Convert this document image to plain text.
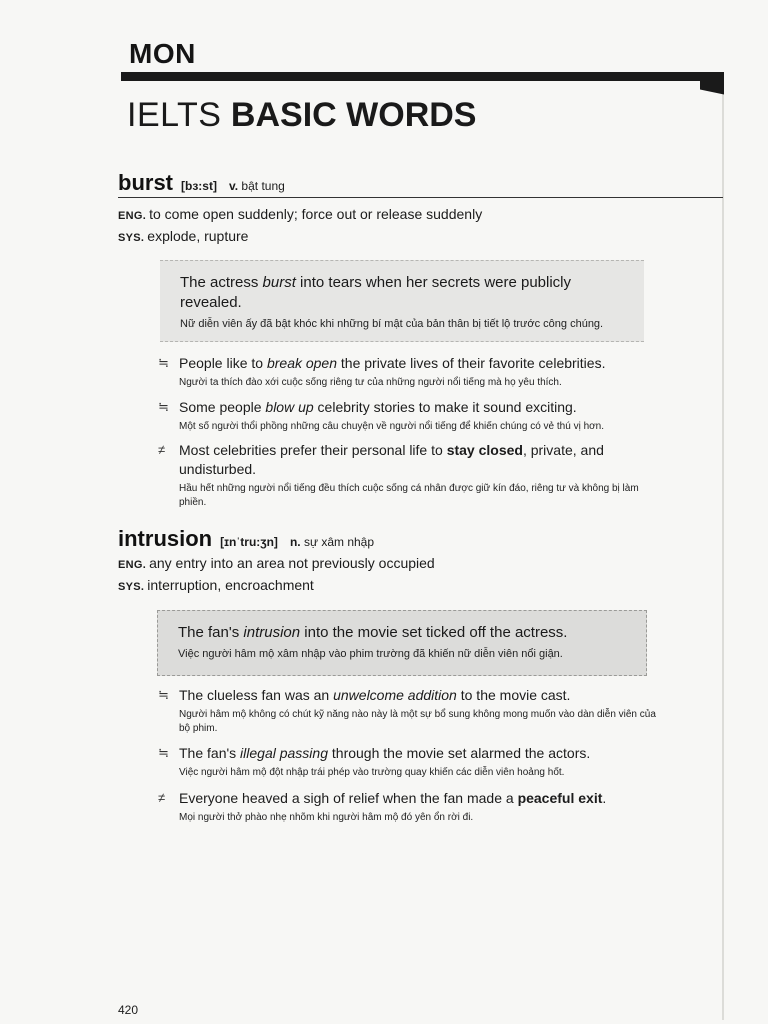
MON
IELTS BASIC WORDS
burst [bɜ:st] v. bật tung
ENG. to come open suddenly; force out or release suddenly
SYS. explode, rupture
The actress burst into tears when her secrets were publicly revealed.
Nữ diễn viên ấy đã bật khóc khi những bí mật của bản thân bị tiết lộ trước công chúng.
≒ People like to break open the private lives of their favorite celebrities.
Người ta thích đào xới cuộc sống riêng tư của những người nổi tiếng mà họ yêu thích.
≒ Some people blow up celebrity stories to make it sound exciting.
Một số người thổi phồng những câu chuyện về người nổi tiếng để khiến chúng có vẻ thú vị hơn.
≠ Most celebrities prefer their personal life to stay closed, private, and undisturbed.
Hầu hết những người nổi tiếng đều thích cuộc sống cá nhân được giữ kín đáo, riêng tư và không bị làm phiền.
intrusion [ɪnˈtru:ʒn] n. sự xâm nhập
ENG. any entry into an area not previously occupied
SYS. interruption, encroachment
The fan's intrusion into the movie set ticked off the actress.
Việc người hâm mộ xâm nhập vào phim trường đã khiến nữ diễn viên nổi giận.
≒ The clueless fan was an unwelcome addition to the movie cast.
Người hâm mộ không có chút kỹ năng nào này là một sự bổ sung không mong muốn vào dàn diễn viên của bộ phim.
≒ The fan's illegal passing through the movie set alarmed the actors.
Việc người hâm mộ đột nhập trái phép vào trường quay khiến các diễn viên hoảng hốt.
≠ Everyone heaved a sigh of relief when the fan made a peaceful exit.
Mọi người thở phào nhẹ nhõm khi người hâm mộ đó yên ổn rời đi.
420
